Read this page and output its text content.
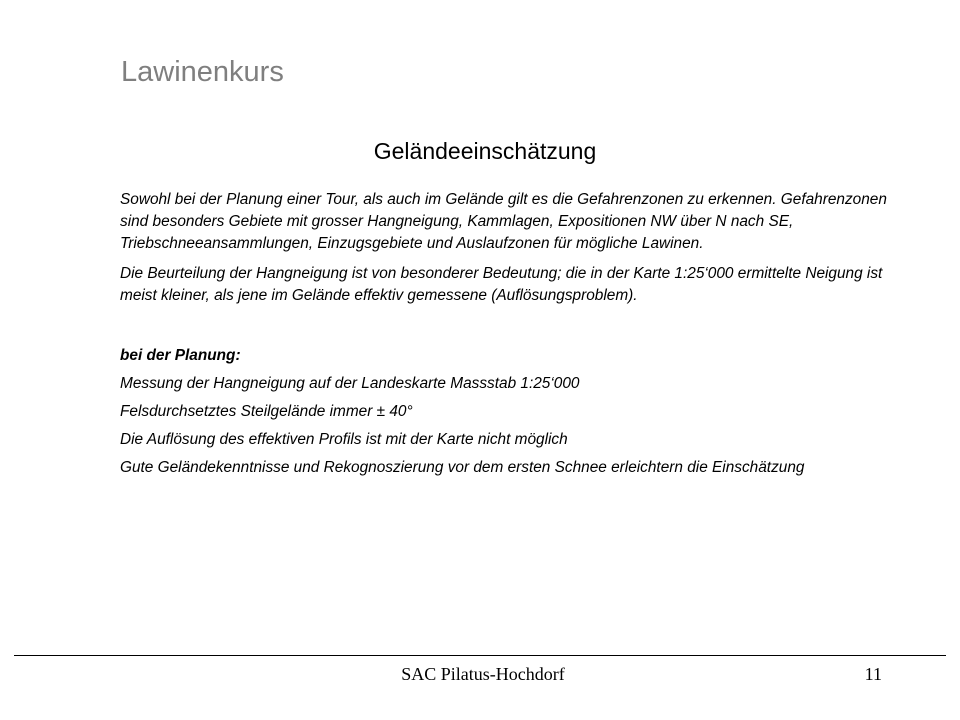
Lawinenkurs
Geländeeinschätzung

Sowohl bei der Planung einer Tour, als auch im Gelände gilt es die Gefahrenzonen zu erkennen. Gefahrenzonen sind besonders Gebiete mit grosser Hangneigung, Kammlagen, Expositionen NW über N nach SE, Triebschneeansammlungen, Einzugsgebiete und Auslaufzonen für mögliche Lawinen.

Die Beurteilung der Hangneigung ist von besonderer Bedeutung; die in der Karte 1:25‘000 ermittelte Neigung ist meist kleiner, als jene im Gelände effektiv gemessene (Auflösungsproblem).

bei der Planung:

Messung der Hangneigung auf der Landeskarte Massstab 1:25‘000

Felsdurchsetztes Steilgelände immer ± 40°

Die Auflösung des effektiven Profils ist mit der Karte nicht möglich

Gute Geländekenntnisse und Rekognoszierung vor dem ersten Schnee erleichtern die Einschätzung

SAC Pilatus-Hochdorf	11
